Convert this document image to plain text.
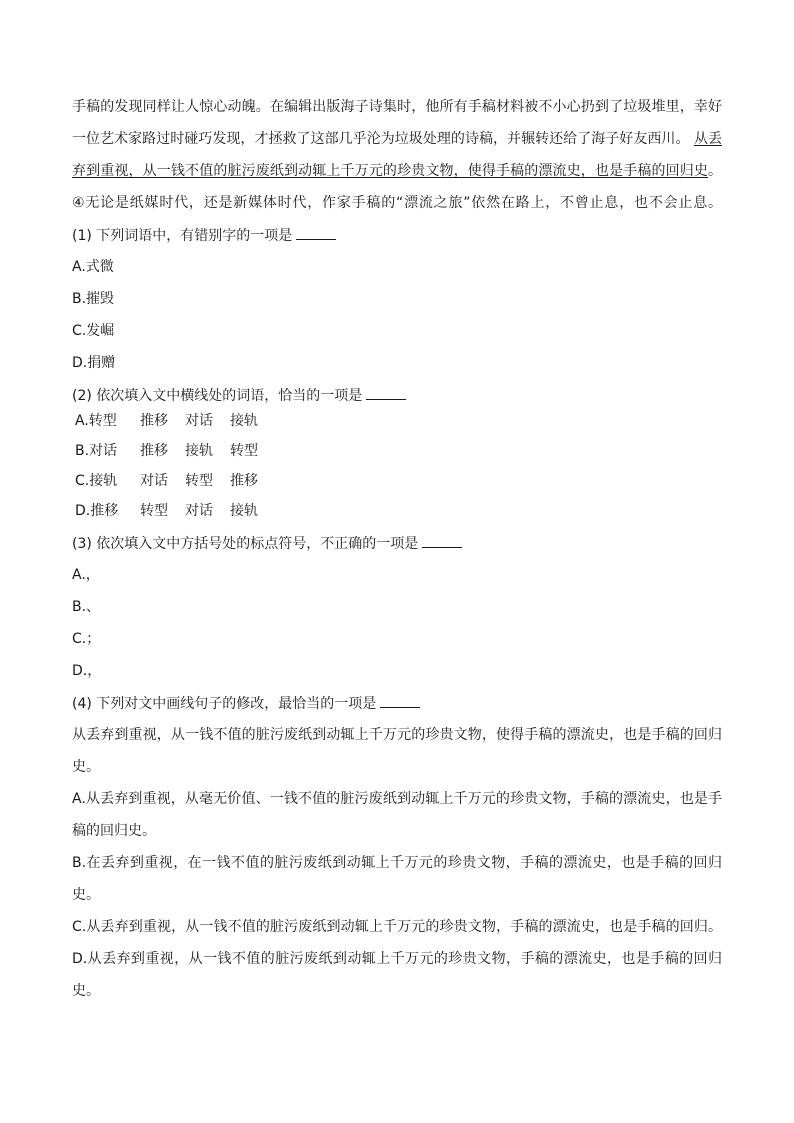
手稿的发现同样让人惊心动魄。在编辑出版海子诗集时，他所有手稿材料被不小心扔到了垃圾堆里，幸好
一位艺术家路过时碰巧发现，才拯救了这部几乎沦为垃圾处理的诗稿，并辗转还给了海子好友西川。 从丢
弃到重视，从一钱不值的脏污废纸到动辄上千万元的珍贵文物，使得手稿的漂流史，也是手稿的回归史。
④无论是纸媒时代，还是新媒体时代，作家手稿的“漂流之旅”依然在路上，不曾止息，也不会止息。
(1) 下列词语中，有错别字的一项是
A.式微
B.摧毁
C.发崛
D.捐赠
(2) 依次填入文中横线处的词语，恰当的一项是
A.转型	推移	对话	接轨
B.对话	推移	接轨	转型
C.接轨	对话	转型	推移
D.推移	转型	对话	接轨
(3) 依次填入文中方括号处的标点符号，不正确的一项是
A.，
B.、
C.；
D.，
(4) 下列对文中画线句子的修改，最恰当的一项是
从丢弃到重视，从一钱不值的脏污废纸到动辄上千万元的珍贵文物，使得手稿的漂流史，也是手稿的回归
史。
A.从丢弃到重视，从毫无价值、一钱不值的脏污废纸到动辄上千万元的珍贵文物，手稿的漂流史，也是手
稿的回归史。
B.在丢弃到重视，在一钱不值的脏污废纸到动辄上千万元的珍贵文物，手稿的漂流史，也是手稿的回归
史。
C.从丢弃到重视，从一钱不值的脏污废纸到动辄上千万元的珍贵文物，手稿的漂流史，也是手稿的回归。
D.从丢弃到重视，从一钱不值的脏污废纸到动辄上千万元的珍贵文物，手稿的漂流史，也是手稿的回归
史。
